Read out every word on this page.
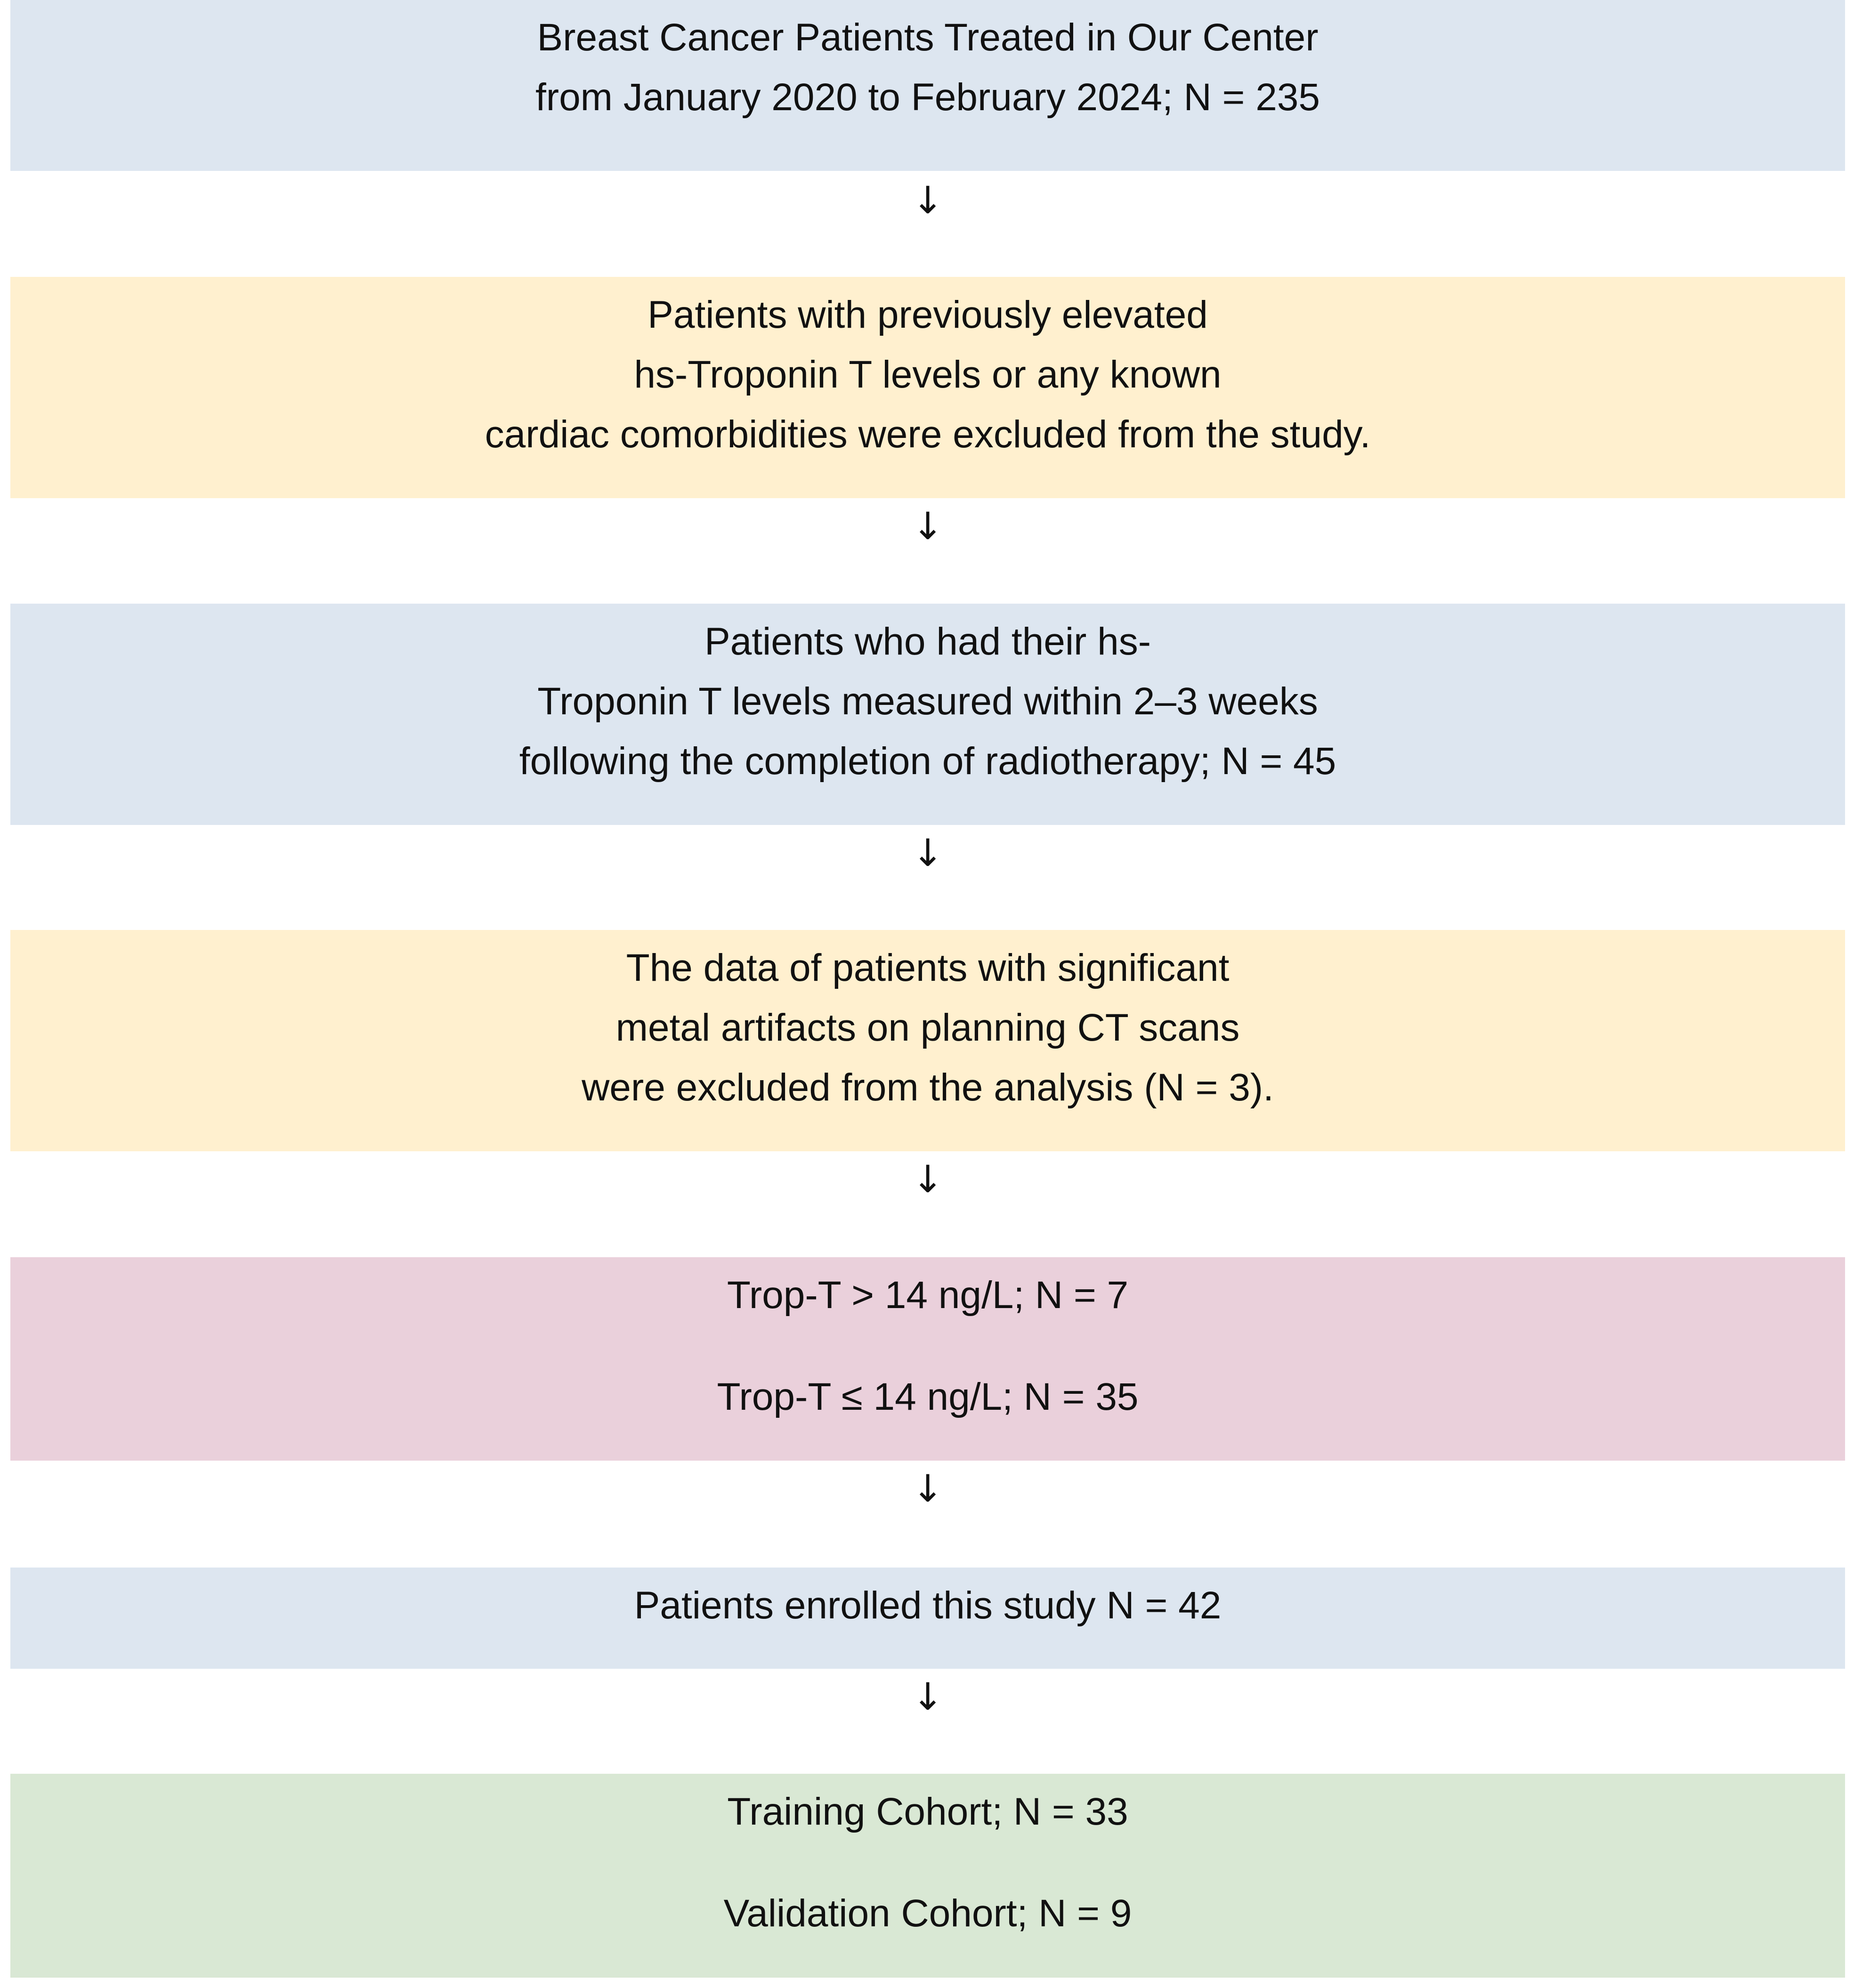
Breast Cancer Patients Treated in Our Center
from January 2020 to February 2024; N = 235
↓
Patients with previously elevated
hs-Troponin T levels or any known
cardiac comorbidities were excluded from the study.
↓
Patients who had their hs-
Troponin T levels measured within 2–3 weeks
following the completion of radiotherapy; N = 45
↓
The data of patients with significant
metal artifacts on planning CT scans
were excluded from the analysis (N = 3).
↓
Trop-T > 14 ng/L; N = 7
Trop-T ≤ 14 ng/L; N = 35
↓
Patients enrolled this study N = 42
↓
Training Cohort; N = 33
Validation Cohort; N = 9
